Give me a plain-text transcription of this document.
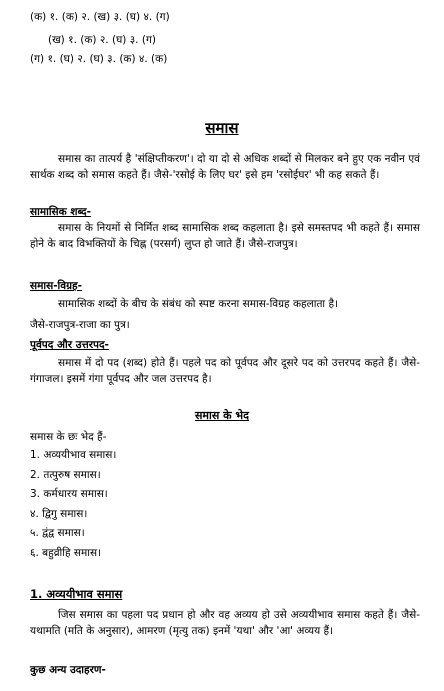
(क) १. (क) २. (ख) ३. (घ) ४. (ग)
(ख) १. (क) २. (घ) ३. (ग)
(ग) १. (घ) २. (घ) ३. (क) ४. (क)
समास
समास का तात्पर्य है 'संक्षिप्तीकरण'। दो या दो से अधिक शब्दों से मिलकर बने हुए एक नवीन एवं सार्थक शब्द को समास कहते हैं। जैसे-'रसोई के लिए घर' इसे हम 'रसोईघर' भी कह सकते हैं।
सामासिक शब्द-
समास के नियमों से निर्मित शब्द सामासिक शब्द कहलाता है। इसे समस्तपद भी कहते हैं। समास होने के बाद विभक्तियों के चिह्न (परसर्ग) लुप्त हो जाते हैं। जैसे-राजपुत्र।
समास-विग्रह-
सामासिक शब्दों के बीच के संबंध को स्पष्ट करना समास-विग्रह कहलाता है।
जैसे-राजपुत्र-राजा का पुत्र।
पूर्वपद और उत्तरपद-
समास में दो पद (शब्द) होते हैं। पहले पद को पूर्वपद और दूसरे पद को उत्तरपद कहते हैं। जैसे-गंगाजल। इसमें गंगा पूर्वपद और जल उत्तरपद है।
समास के भेद
समास के छः भेद हैं-
1. अव्ययीभाव समास।
2. तत्पुरुष समास।
3. कर्मधारय समास।
४. द्विगु समास।
५. द्वंद्व समास।
६. बहुव्रीहि समास।
1. अव्ययीभाव समास
जिस समास का पहला पद प्रधान हो और वह अव्यय हो उसे अव्ययीभाव समास कहते हैं। जैसे- यथामति (मति के अनुसार), आमरण (मृत्यु तक) इनमें 'यथा' और 'आ' अव्यय हैं।
कुछ अन्य उदाहरण-
